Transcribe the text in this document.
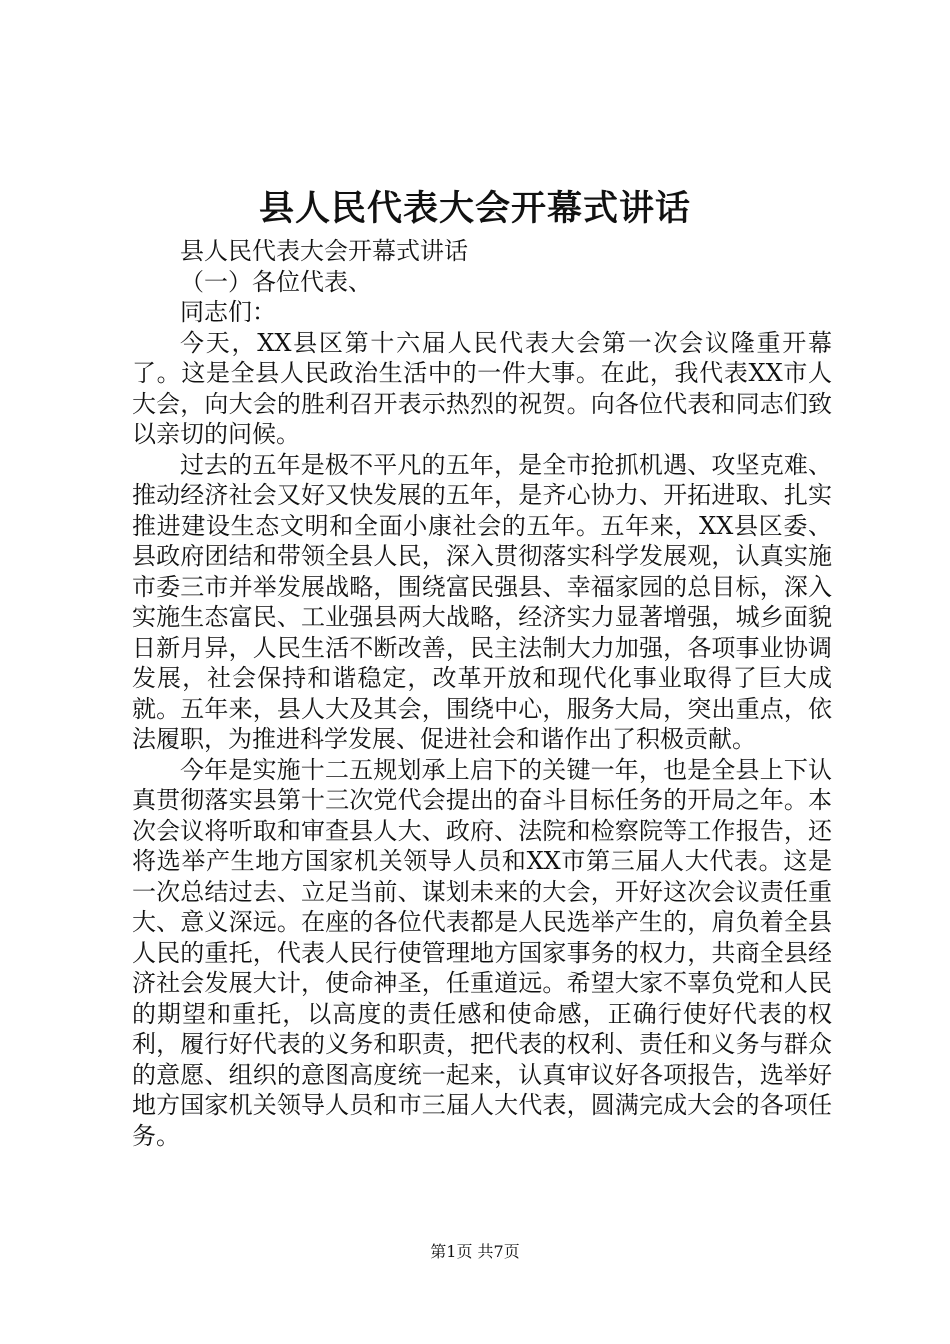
县人民代表大会开幕式讲话

县人民代表大会开幕式讲话

（一）各位代表、

同志们：

今天，XX县区第十六届人民代表大会第一次会议隆重开幕了。这是全县人民政治生活中的一件大事。在此，我代表XX市人大会，向大会的胜利召开表示热烈的祝贺。向各位代表和同志们致以亲切的问候。

过去的五年是极不平凡的五年，是全市抢抓机遇、攻坚克难、推动经济社会又好又快发展的五年，是齐心协力、开拓进取、扎实推进建设生态文明和全面小康社会的五年。五年来，XX县区委、县政府团结和带领全县人民，深入贯彻落实科学发展观，认真实施市委三市并举发展战略，围绕富民强县、幸福家园的总目标，深入实施生态富民、工业强县两大战略，经济实力显著增强，城乡面貌日新月异，人民生活不断改善，民主法制大力加强，各项事业协调发展，社会保持和谐稳定，改革开放和现代化事业取得了巨大成就。五年来，县人大及其会，围绕中心，服务大局，突出重点，依法履职，为推进科学发展、促进社会和谐作出了积极贡献。

今年是实施十二五规划承上启下的关键一年，也是全县上下认真贯彻落实县第十三次党代会提出的奋斗目标任务的开局之年。本次会议将听取和审查县人大、政府、法院和检察院等工作报告，还将选举产生地方国家机关领导人员和XX市第三届人大代表。这是一次总结过去、立足当前、谋划未来的大会，开好这次会议责任重大、意义深远。在座的各位代表都是人民选举产生的，肩负着全县人民的重托，代表人民行使管理地方国家事务的权力，共商全县经济社会发展大计，使命神圣，任重道远。希望大家不辜负党和人民的期望和重托，以高度的责任感和使命感，正确行使好代表的权利，履行好代表的义务和职责，把代表的权利、责任和义务与群众的意愿、组织的意图高度统一起来，认真审议好各项报告，选举好地方国家机关领导人员和市三届人大代表，圆满完成大会的各项任务。

第1页 共7页
